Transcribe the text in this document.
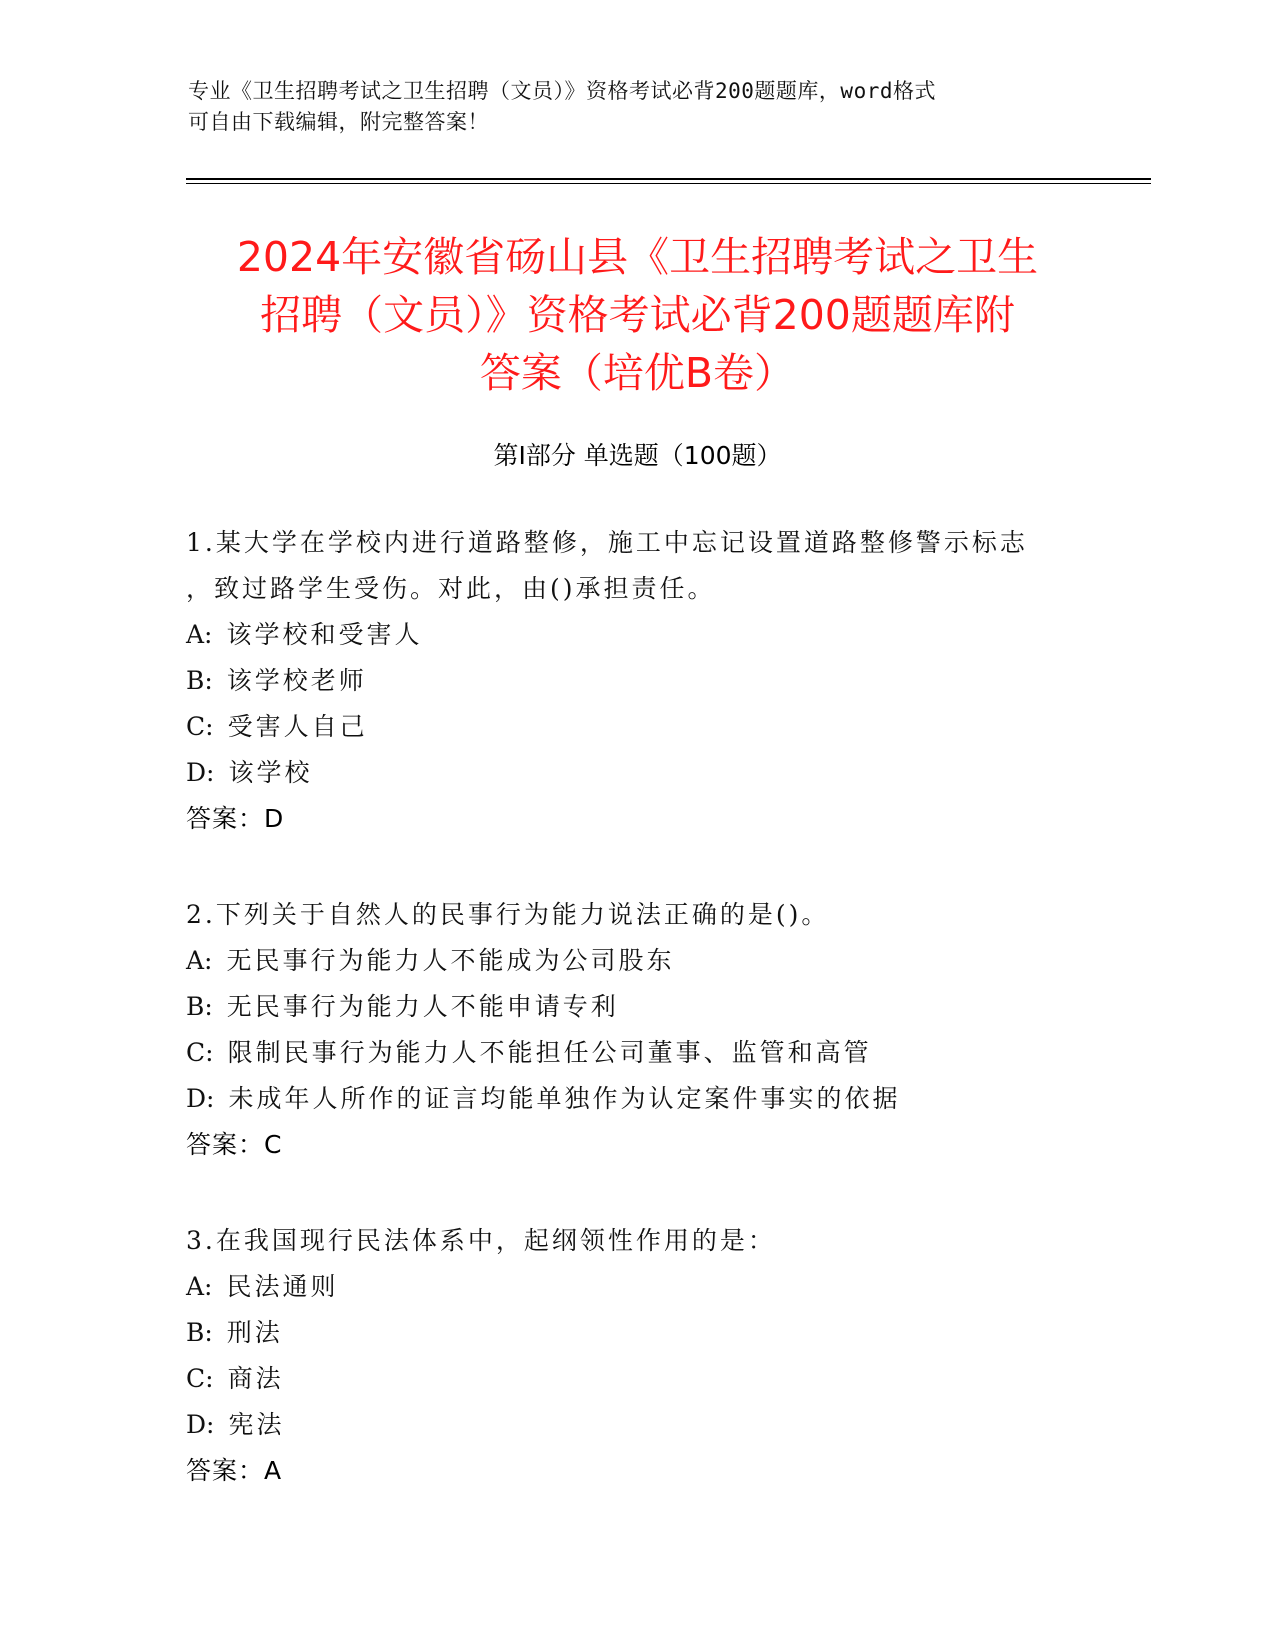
专业《卫生招聘考试之卫生招聘（文员）》资格考试必背200题题库，word格式
可自由下载编辑，附完整答案！
2024年安徽省砀山县《卫生招聘考试之卫生
招聘（文员）》资格考试必背200题题库附
答案（培优B卷）
第I部分 单选题（100题）
1.某大学在学校内进行道路整修，施工中忘记设置道路整修警示标志
，致过路学生受伤。对此，由()承担责任。
A: 该学校和受害人
B: 该学校老师
C: 受害人自己
D: 该学校
答案：D
2.下列关于自然人的民事行为能力说法正确的是()。
A: 无民事行为能力人不能成为公司股东
B: 无民事行为能力人不能申请专利
C: 限制民事行为能力人不能担任公司董事、监管和高管
D: 未成年人所作的证言均能单独作为认定案件事实的依据
答案：C
3.在我国现行民法体系中，起纲领性作用的是：
A: 民法通则
B: 刑法
C: 商法
D: 宪法
答案：A
